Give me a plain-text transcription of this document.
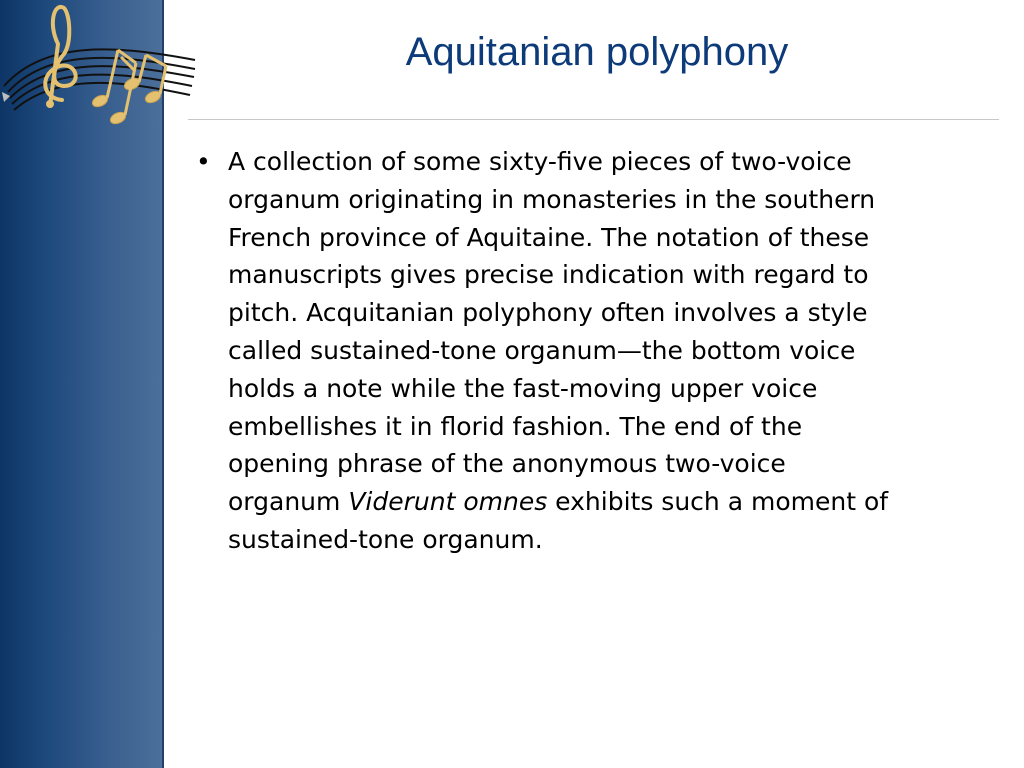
Aquitanian polyphony
• A collection of some sixty-five pieces of two-voice
organum originating in monasteries in the southern
French province of Aquitaine. The notation of these
manuscripts gives precise indication with regard to
pitch. Acquitanian polyphony often involves a style
called sustained-tone organum—the bottom voice
holds a note while the fast-moving upper voice
embellishes it in florid fashion. The end of the
opening phrase of the anonymous two-voice
organum Viderunt omnes exhibits such a moment of
sustained-tone organum.
